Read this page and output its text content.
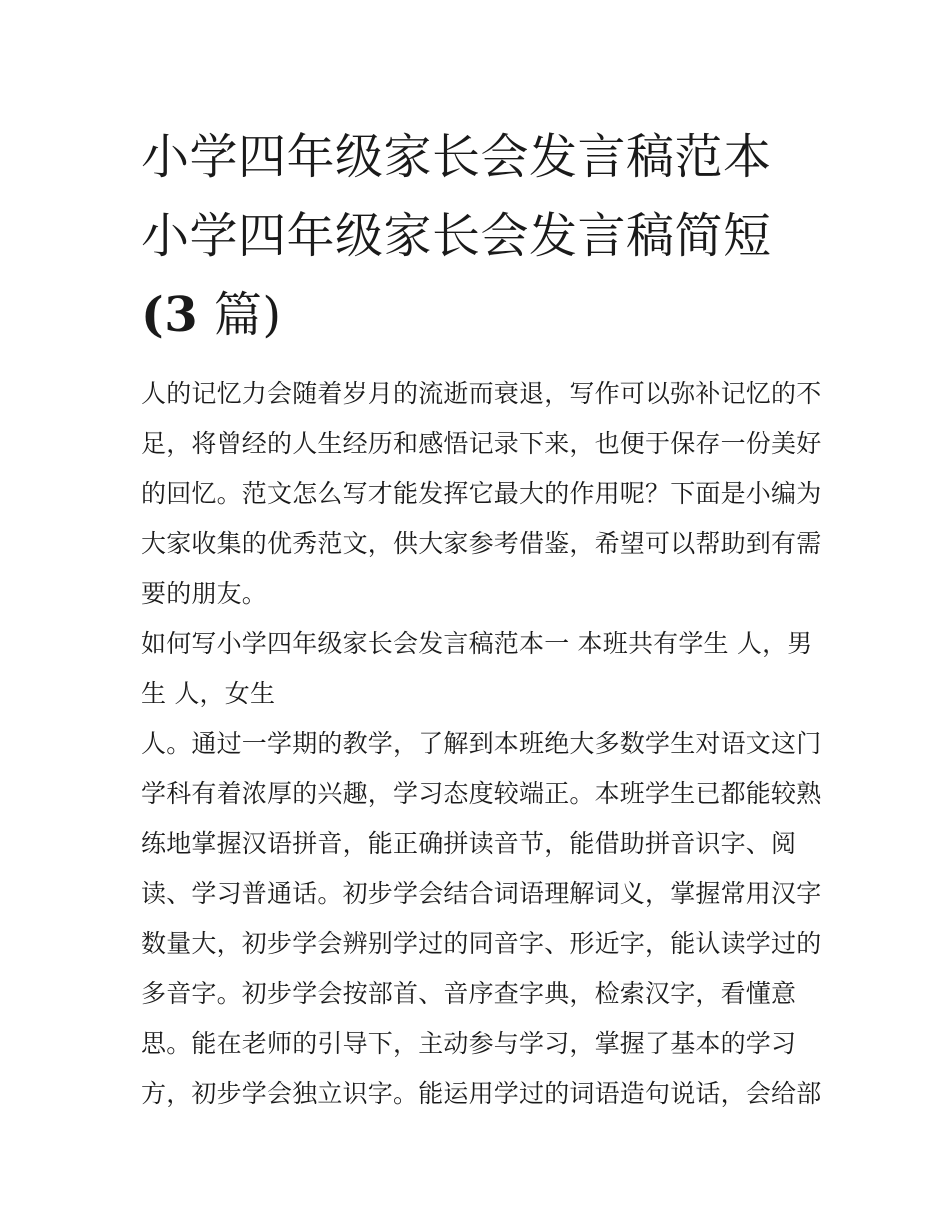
小学四年级家长会发言稿范本
小学四年级家长会发言稿简短
(3 篇)

人的记忆力会随着岁月的流逝而衰退，写作可以弥补记忆的不
足，将曾经的人生经历和感悟记录下来，也便于保存一份美好
的回忆。范文怎么写才能发挥它最大的作用呢？下面是小编为
大家收集的优秀范文，供大家参考借鉴，希望可以帮助到有需
要的朋友。

如何写小学四年级家长会发言稿范本一 本班共有学生 人，男
生 人，女生

人。通过一学期的教学，了解到本班绝大多数学生对语文这门
学科有着浓厚的兴趣，学习态度较端正。本班学生已都能较熟
练地掌握汉语拼音，能正确拼读音节，能借助拼音识字、阅
读、学习普通话。初步学会结合词语理解词义，掌握常用汉字
数量大，初步学会辨别学过的同音字、形近字，能认读学过的
多音字。初步学会按部首、音序查字典，检索汉字，看懂意
思。能在老师的引导下，主动参与学习，掌握了基本的学习
方，初步学会独立识字。能运用学过的词语造句说话，会给部
